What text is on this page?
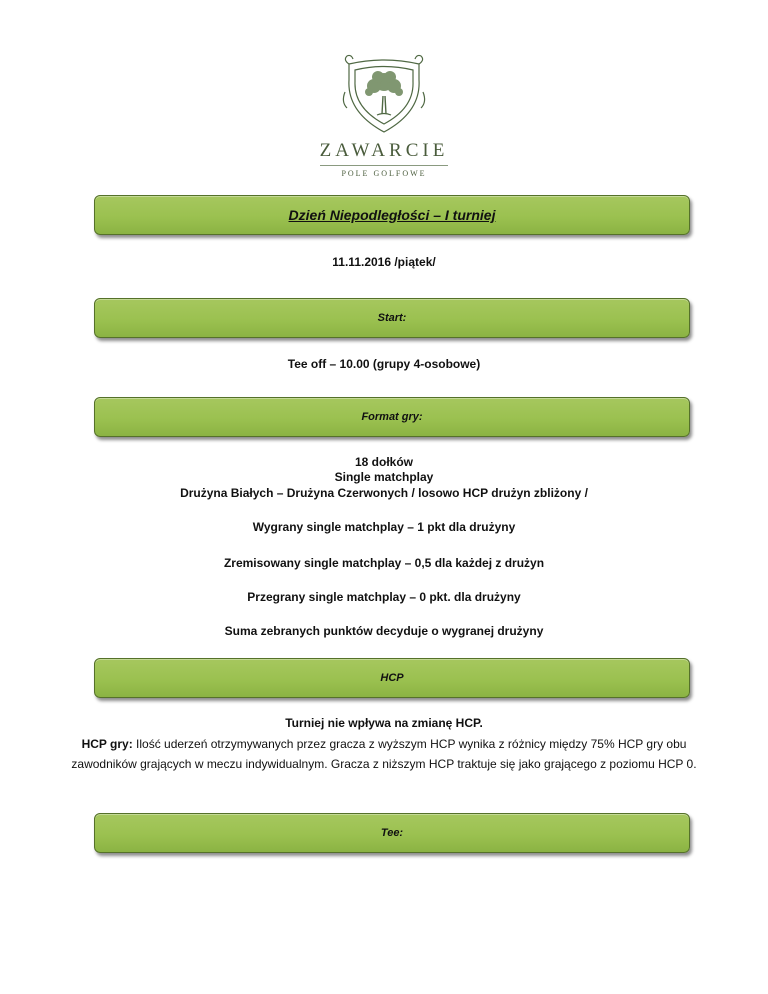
ZAWARCIE
POLE GOLFOWE
Dzień Niepodległości – I turniej
11.11.2016 /piątek/
Start:
Tee off – 10.00 (grupy 4-osobowe)
Format gry:
18 dołków
Single matchplay
Drużyna Białych – Drużyna Czerwonych / losowo HCP drużyn zbliżony /
Wygrany single matchplay – 1 pkt dla drużyny
Zremisowany single matchplay – 0,5 dla każdej z drużyn
Przegrany single matchplay – 0 pkt. dla drużyny
Suma zebranych punktów decyduje o wygranej drużyny
HCP
Turniej nie wpływa na zmianę HCP.
HCP gry: Ilość uderzeń otrzymywanych przez gracza z wyższym HCP wynika z różnicy między 75% HCP gry obu zawodników grających w meczu indywidualnym. Gracza z niższym HCP traktuje się jako grającego z poziomu HCP 0.
Tee:
